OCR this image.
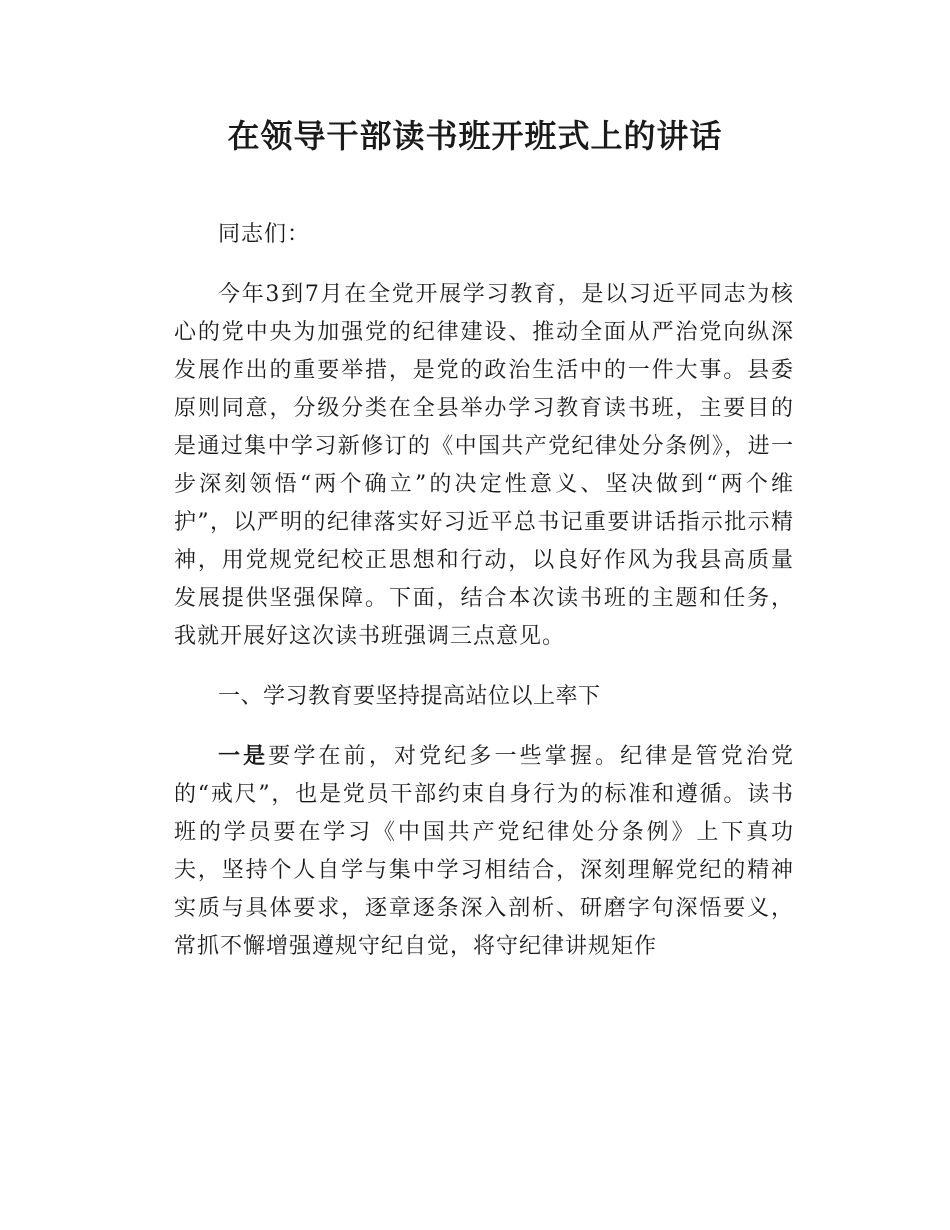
在领导干部读书班开班式上的讲话

同志们：

今年3到7月在全党开展学习教育，是以习近平同志为核心的党中央为加强党的纪律建设、推动全面从严治党向纵深发展作出的重要举措，是党的政治生活中的一件大事。县委原则同意，分级分类在全县举办学习教育读书班，主要目的是通过集中学习新修订的《中国共产党纪律处分条例》，进一步深刻领悟“两个确立”的决定性意义、坚决做到“两个维护”，以严明的纪律落实好习近平总书记重要讲话指示批示精神，用党规党纪校正思想和行动，以良好作风为我县高质量发展提供坚强保障。下面，结合本次读书班的主题和任务，我就开展好这次读书班强调三点意见。

一、学习教育要坚持提高站位以上率下

一是要学在前，对党纪多一些掌握。纪律是管党治党的“戒尺”，也是党员干部约束自身行为的标准和遵循。读书班的学员要在学习《中国共产党纪律处分条例》上下真功夫，坚持个人自学与集中学习相结合，深刻理解党纪的精神实质与具体要求，逐章逐条深入剖析、研磨字句深悟要义，常抓不懈增强遵规守纪自觉，将守纪律讲规矩作
